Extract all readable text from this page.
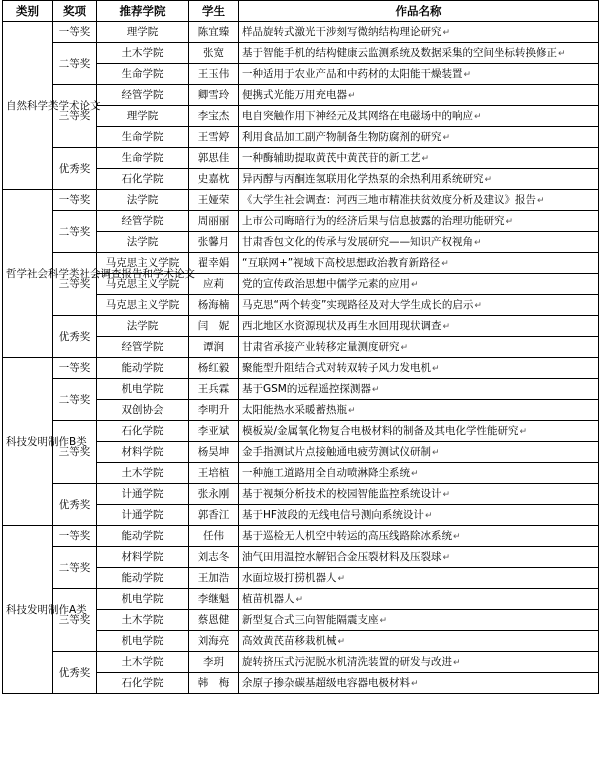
类别	奖项	推荐学院	学生	作品名称
自然科学类学术论文	一等奖	理学院	陈宜臻	样品旋转式激光干涉刻写微纳结构理论研究↵
	二等奖	土木学院	张宽	基于智能手机的结构健康云监测系统及数据采集的空间坐标转换修正↵
		生命学院	王玉伟	一种适用于农业产品和中药材的太阳能干燥装置↵
	三等奖	经管学院	卿雪玲	便携式光能万用充电器↵
		理学院	李宝杰	电自突触作用下神经元及其网络在电磁场中的响应↵
		生命学院	王雪婷	利用食品加工副产物制备生物防腐剂的研究↵
	优秀奖	生命学院	郭思佳	一种酶辅助提取黄芪中黄芪苷的新工艺↵
		石化学院	史嘉枕	异丙醇与丙酮连氢联用化学热泵的余热利用系统研究↵
哲学社会科学类社会调查报告和学术论文	一等奖	法学院	王娅荣	《大学生社会调查：河西三地市精准扶贫效度分析及建议》报告↵
	二等奖	经管学院	周丽丽	上市公司晦暗行为的经济后果与信息披露的治理功能研究↵
		法学院	张馨月	甘肃香包文化的传承与发展研究——知识产权视角↵
	三等奖	马克思主义学院	翟幸娟	“互联网+”视域下高校思想政治教育新路径↵
		马克思主义学院	应莉	党的宣传政治思想中儒学元素的应用↵
		马克思主义学院	杨海楠	马克思“两个转变”实现路径及对大学生成长的启示↵
	优秀奖	法学院	闫　妮	西北地区水资源现状及再生水回用现状调查↵
		经管学院	谭润	甘肃省承接产业转移定量测度研究↵
科技发明制作B类	一等奖	能动学院	杨红毅	聚能型升阻结合式对转双转子风力发电机↵
	二等奖	机电学院	王兵霖	基于GSM的远程遥控探测器↵
		双创协会	李明升	太阳能热水采暖蓄热瓶↵
	三等奖	石化学院	李亚斌	模板炭/金属氧化物复合电极材料的制备及其电化学性能研究↵
		材料学院	杨昊坤	金手指测试片点接触通电疲劳测试仪研制↵
		土木学院	王培植	一种施工道路用全自动喷淋降尘系统↵
	优秀奖	计通学院	张永刚	基于视频分析技术的校园智能监控系统设计↵
		计通学院	郭香江	基于HF波段的无线电信号测向系统设计↵
科技发明制作A类	一等奖	能动学院	任伟	基于巡检无人机空中转运的高压线路除冰系统↵
	二等奖	材料学院	刘志冬	油气田用温控水解铝合金压裂材料及压裂球↵
		能动学院	王加浩	水面垃圾打捞机器人↵
	三等奖	机电学院	李继魁	植苗机器人↵
		土木学院	蔡恩健	新型复合式三向智能隔震支座↵
		机电学院	刘海亮	高效黄芪苗移栽机械↵
	优秀奖	土木学院	李玥	旋转挤压式污泥脱水机清洗装置的研发与改进↵
		石化学院	韩　梅	余原子掺杂碳基超级电容器电极材料↵
